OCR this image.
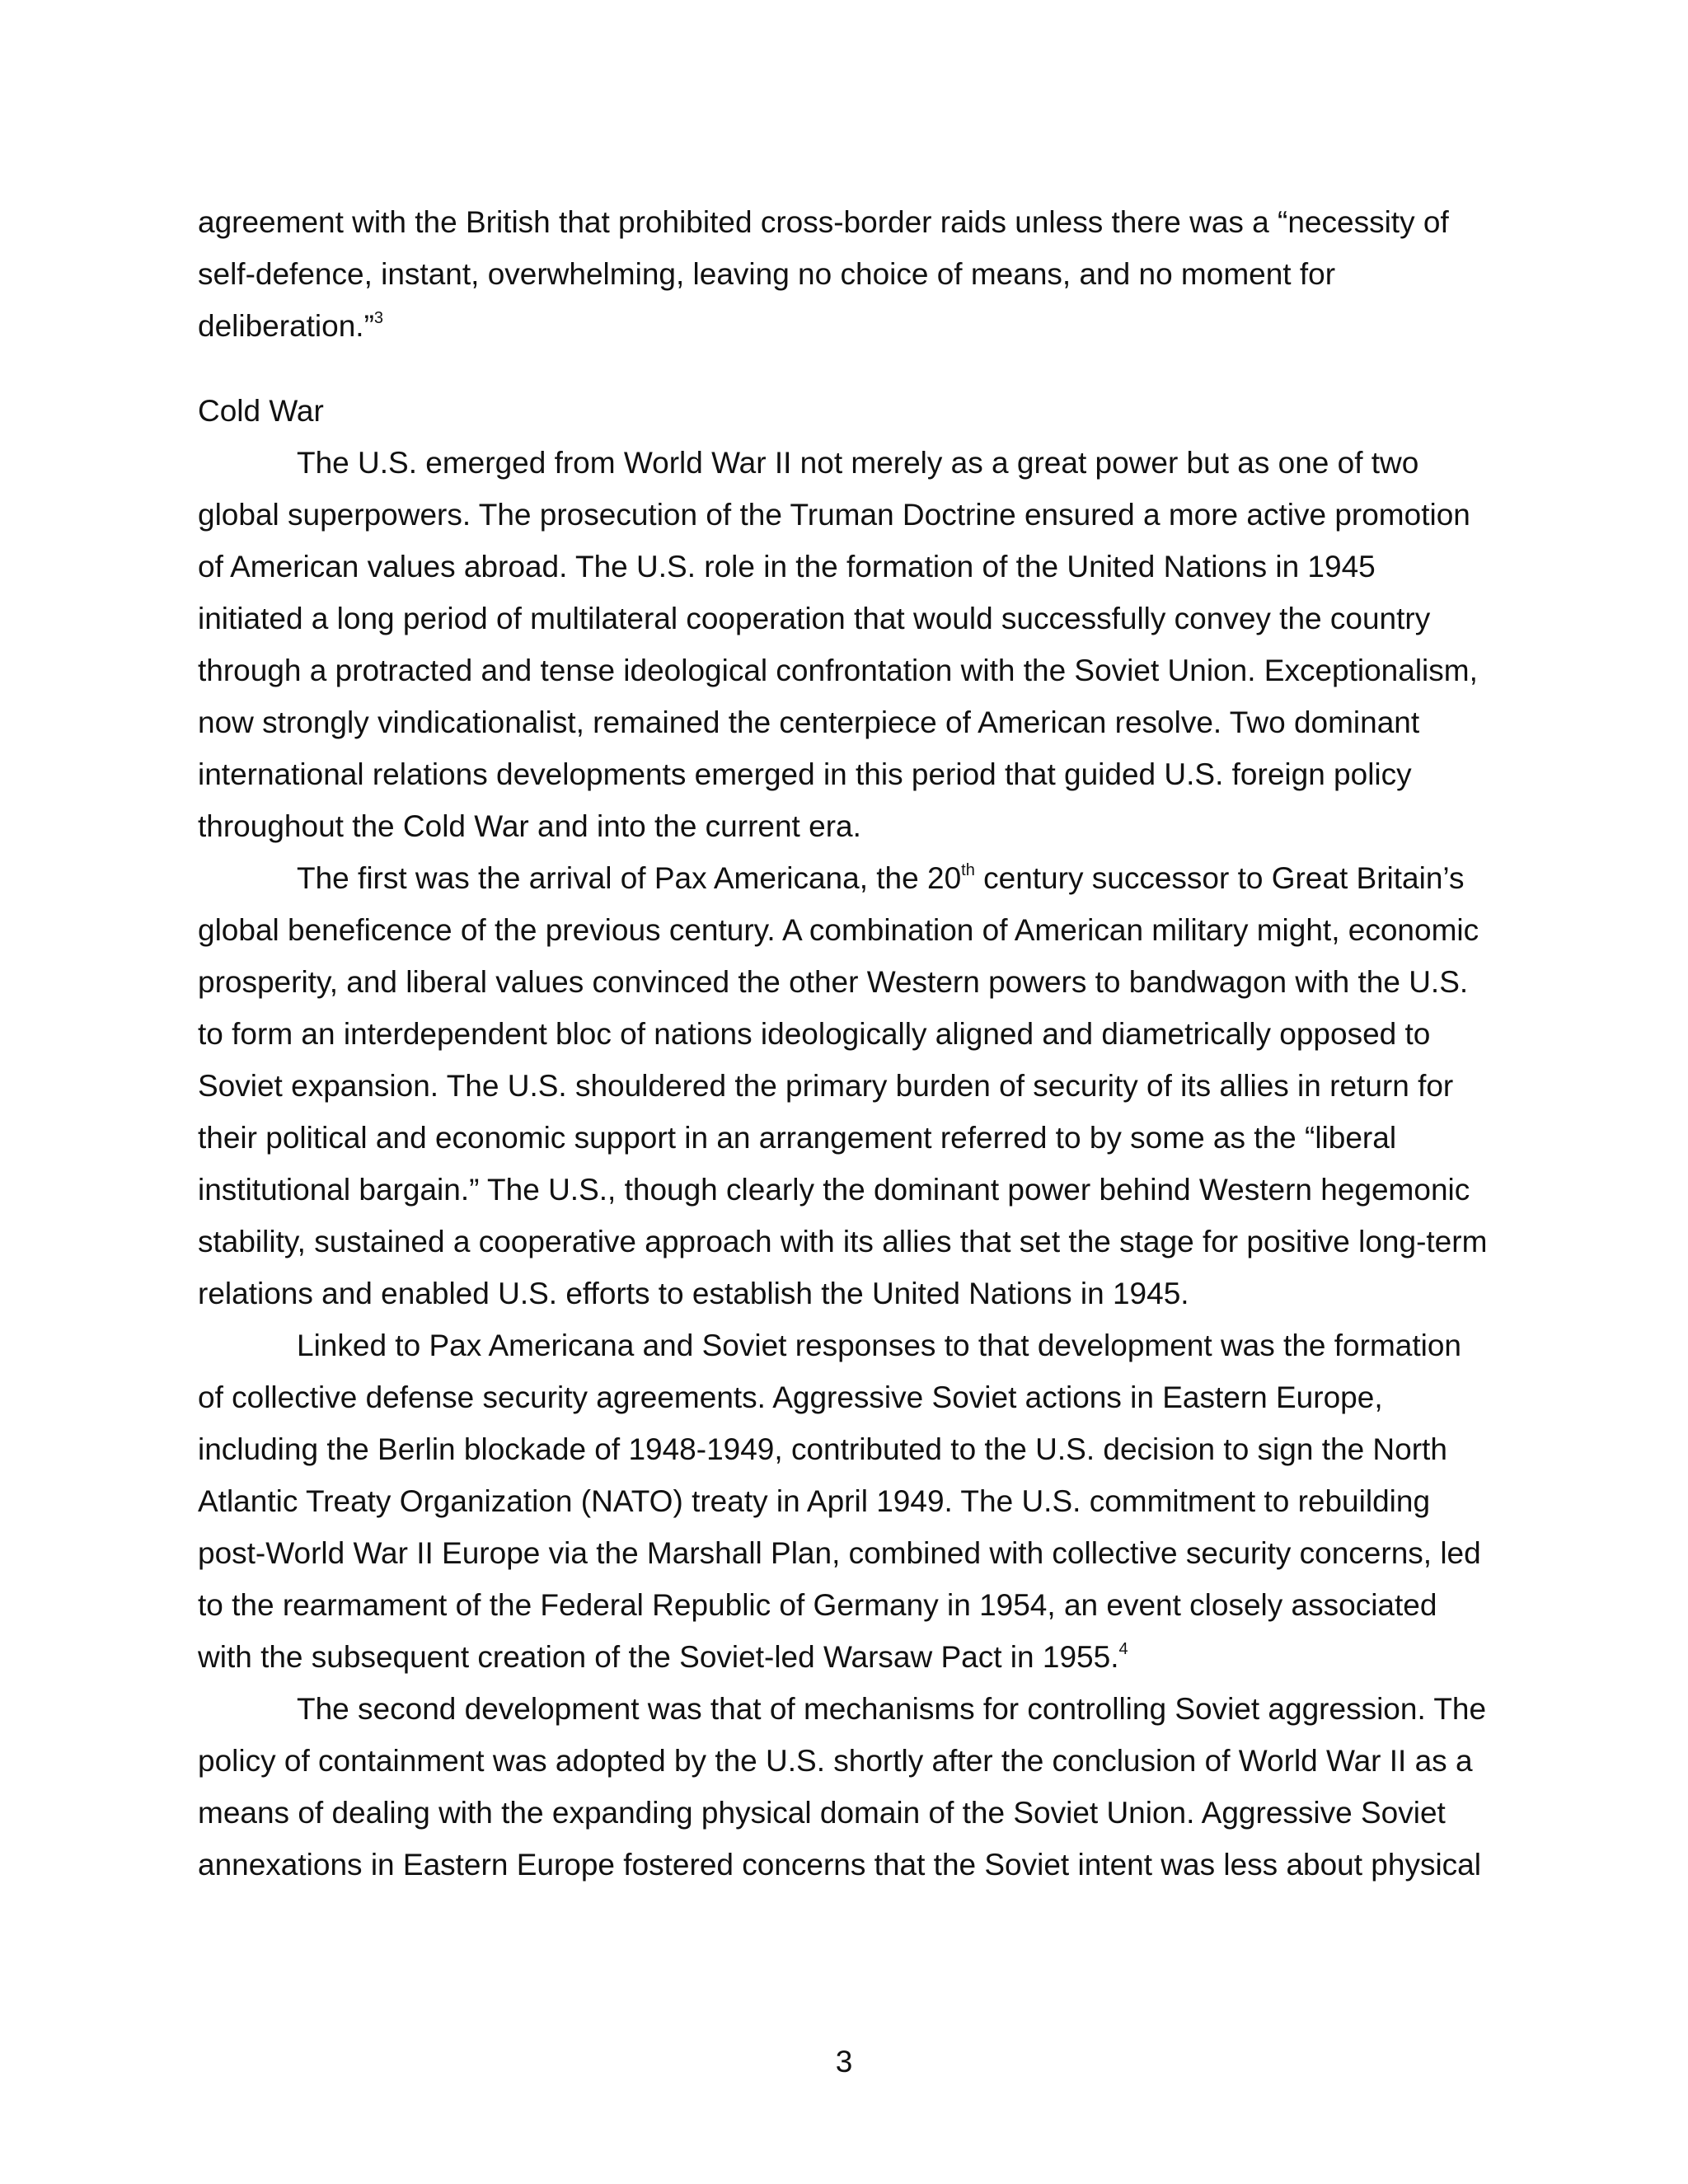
agreement with the British that prohibited cross-border raids unless there was a “necessity of
self-defence, instant, overwhelming, leaving no choice of means, and no moment for
deliberation.”$^3$
Cold War
The U.S. emerged from World War II not merely as a great power but as one of two
global superpowers. The prosecution of the Truman Doctrine ensured a more active promotion
of American values abroad. The U.S. role in the formation of the United Nations in 1945
initiated a long period of multilateral cooperation that would successfully convey the country
through a protracted and tense ideological confrontation with the Soviet Union. Exceptionalism,
now strongly vindicationalist, remained the centerpiece of American resolve. Two dominant
international relations developments emerged in this period that guided U.S. foreign policy
throughout the Cold War and into the current era.
The first was the arrival of Pax Americana, the 20th century successor to Great Britain’s
global beneficence of the previous century. A combination of American military might, economic
prosperity, and liberal values convinced the other Western powers to bandwagon with the U.S.
to form an interdependent bloc of nations ideologically aligned and diametrically opposed to
Soviet expansion. The U.S. shouldered the primary burden of security of its allies in return for
their political and economic support in an arrangement referred to by some as the “liberal
institutional bargain.” The U.S., though clearly the dominant power behind Western hegemonic
stability, sustained a cooperative approach with its allies that set the stage for positive long-term
relations and enabled U.S. efforts to establish the United Nations in 1945.
Linked to Pax Americana and Soviet responses to that development was the formation
of collective defense security agreements. Aggressive Soviet actions in Eastern Europe,
including the Berlin blockade of 1948-1949, contributed to the U.S. decision to sign the North
Atlantic Treaty Organization (NATO) treaty in April 1949. The U.S. commitment to rebuilding
post-World War II Europe via the Marshall Plan, combined with collective security concerns, led
to the rearmament of the Federal Republic of Germany in 1954, an event closely associated
with the subsequent creation of the Soviet-led Warsaw Pact in 1955.$^4$
The second development was that of mechanisms for controlling Soviet aggression. The
policy of containment was adopted by the U.S. shortly after the conclusion of World War II as a
means of dealing with the expanding physical domain of the Soviet Union. Aggressive Soviet
annexations in Eastern Europe fostered concerns that the Soviet intent was less about physical
3
